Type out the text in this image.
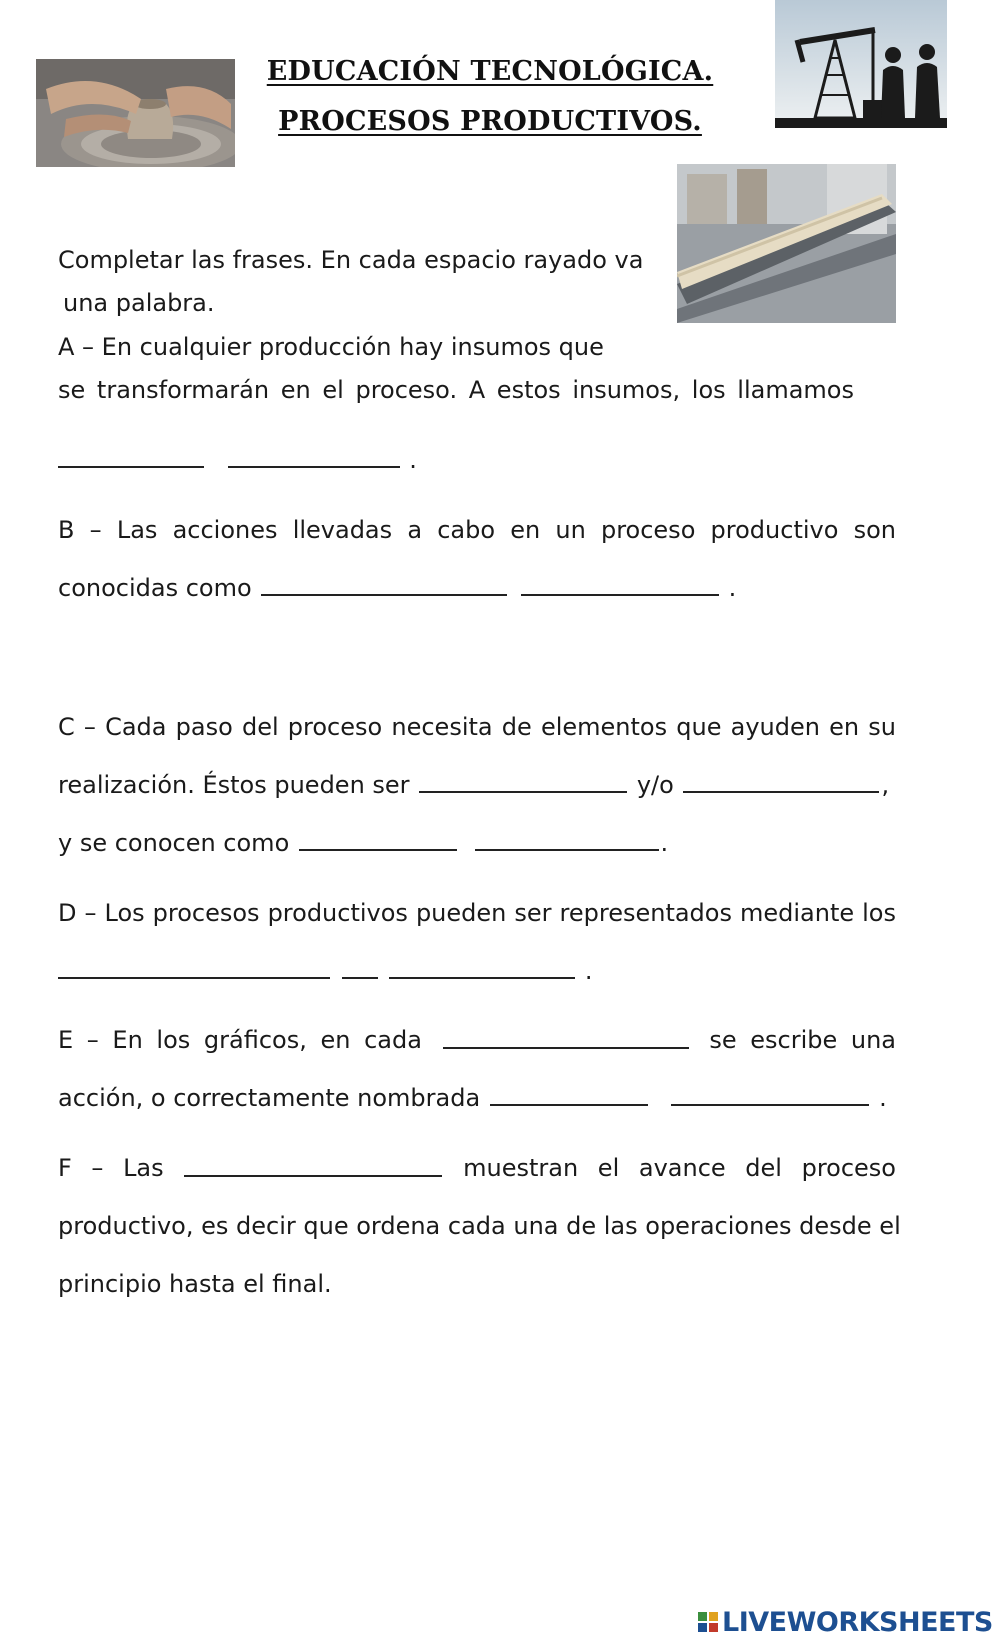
EDUCACIÓN TECNOLÓGICA.
PROCESOS PRODUCTIVOS.
Completar las frases. En cada espacio rayado va
una palabra.
A – En cualquier producción hay insumos que
se transformarán en el proceso. A estos insumos, los llamamos
.
B – Las acciones llevadas a cabo en un proceso productivo son
conocidas como	.
C – Cada paso del proceso necesita de elementos que ayuden en su
realización. Éstos pueden ser	y/o	,
y se conocen como	.
D – Los procesos productivos pueden ser representados mediante los
.
E – En los gráficos, en cada	se escribe una
acción, o correctamente nombrada	.
F – Las	muestran el avance del proceso
productivo, es decir que ordena cada una de las operaciones desde el
principio hasta el final.
LIVEWORKSHEETS
